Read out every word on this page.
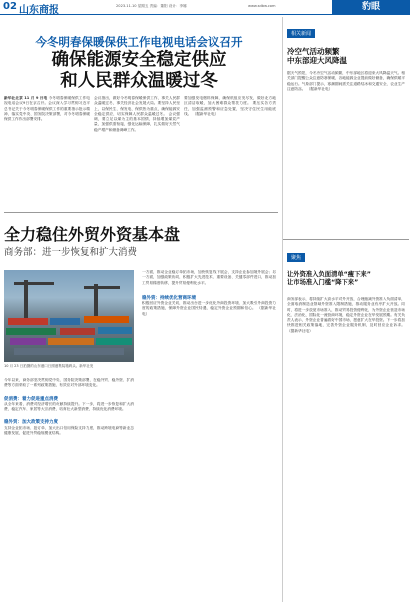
02 山东商报	2023.11.10 星期五 责编：董阳 设计：李娜	www.sdbw.com	豹眼
今冬明春保暖保供工作电视电话会议召开
确保能源安全稳定供应
和人民群众温暖过冬
新华社北京 11 月 9 日电 今冬明春保暖保供工作电视电话会议9日在京召开。会议深入学习贯彻习近平总书记关于今冬明春保暖保供工作的重要指示批示精神，落实党中央、国务院决策部署，对今冬明春保暖保供工作作出部署安排。
会议指出，做好今冬明春保暖保供工作，事关人民群众温暖过冬，事关经济社会发展大局。要坚持人民至上，以保民生、保发电、保供热为重点，确保能源安全稳定供应，切实保障人民群众温暖过冬。 会议强调，要立足以煤为主的基本国情，持续增加煤炭产量，加强供需衔接，强化运输保障，扎实做好天然气稳产增产和储备调峰工作。
要加强发电燃料保障，确保机组应发尽发，做好北方地区清洁取暖，加大困难群众帮扶力度。 要压实各方责任，加强监测预警和应急处置，坚决守住民生用能底线。 （据新华社电）
全力稳住外贸外资基本盘
商务部：进一步恢复和扩大消费
10 月 23 日拍摄的山东港口日照港集装箱码头。新华社发
今年以来，商务部坚决贯彻党中央、国务院决策部署，在稳外贸、稳外资、扩消费等方面采取了一系列政策措施，有效应对外部环境变化。
促消费：着力促进重点消费
从全年来看，消费对经济增长的贡献持续提升。下一步，将进一步恢复和扩大消费，稳定汽车、家居等大宗消费，培育壮大新型消费，持续优化消费环境。
稳外贸：加大政策支持力度
支持企业拓市场、抢订单，加大出口信用保险支持力度，推动跨境电商等新业态健康发展，促进外贸稳规模优结构。
一方面，推动企业稳订单拓市场，加快恢复线下展会，支持企业参加境外展会；另一方面，加强政策协同，积极扩大先进技术、重要设备、关键零部件进口，推动加工贸易梯度转移，提升贸易便利化水平。
稳外资：持续优化营商环境
积极回应外资企业关切，推动出台进一步优化外商投资环境、加大吸引外商投资力度的政策措施，保障外资企业国民待遇，稳定外资企业预期和信心。 （据新华社电）
相关新闻
冷空气活动频繁
中东部迎大风降温
据天气预报，今冬冷空气活动频繁，中东部地区将迎来大风降温天气。相关部门提醒公众注意防寒保暖，各地能源企业提前做好储备，确保供暖平稳运行。气象部门提示，寒潮期间需关注道路结冰和交通安全，农业生产注意防冻。 （据新华社电）
聚焦
让外资准入负面清单“瘦下来”
让市场准入门槛“降下来”
商务部表示，将持续扩大高水平对外开放，合理缩减外资准入负面清单，全面取消制造业领域外资准入限制措施，推动服务业有序扩大开放。同时，将进一步放宽市场准入，推动贸易投资便利化，为外资企业营造市场化、法治化、国际化一流营商环境，稳定外资企业在华发展预期。有关负责人表示，外资企业普遍看好中国市场，愿意扩大在华投资。下一步将加快推进相关政策落地，完善外资企业服务机制，及时回应企业诉求。 （据新华社电）
